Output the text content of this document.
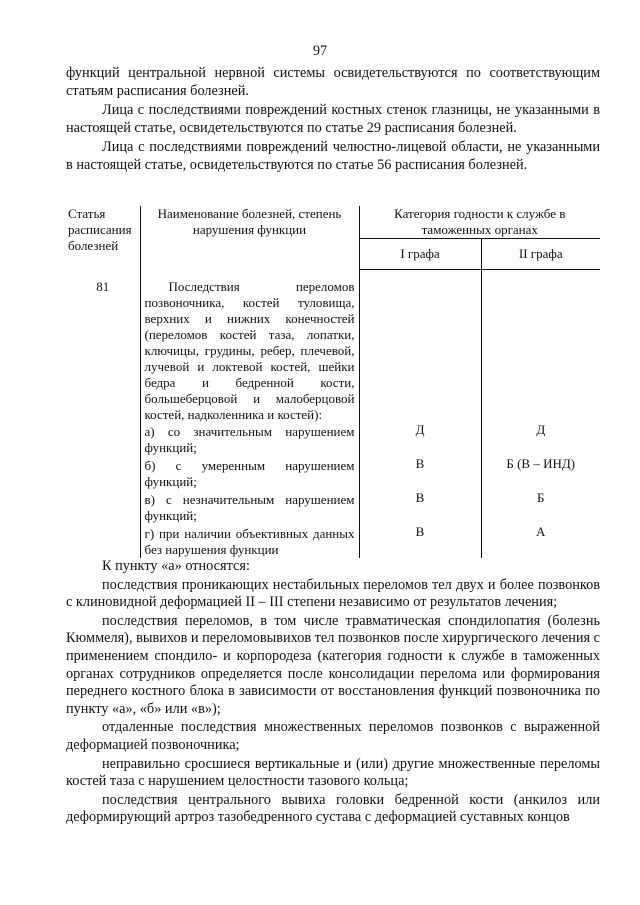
97

функций центральной нервной системы освидетельствуются по соответствующим статьям расписания болезней.

Лица с последствиями повреждений костных стенок глазницы, не указанными в настоящей статье, освидетельствуются по статье 29 расписания болезней.

Лица с последствиями повреждений челюстно-лицевой области, не указанными в настоящей статье, освидетельствуются по статье 56 расписания болезней.

Статья расписания болезней	Наименование болезней, степень нарушения функции	Категория годности к службе в таможенных органах	
		I графа	II графа

81	Последствия переломов позвоночника, костей туловища, верхних и нижних конечностей (переломов костей таза, лопатки, ключицы, грудины, ребер, плечевой, лучевой и локтевой костей, шейки бедра и бедренной кости, большеберцовой и малоберцовой костей, надколенника и костей):		
	а) со значительным нарушением функций;	Д	Д
	б) с умеренным нарушением функций;	В	Б (В – ИНД)
	в) с незначительным нарушением функций;	В	Б
	г) при наличии объективных данных без нарушения функции	В	А

К пункту «а» относятся:

последствия проникающих нестабильных переломов тел двух и более позвонков с клиновидной деформацией II – III степени независимо от результатов лечения;

последствия переломов, в том числе травматическая спондилопатия (болезнь Кюммеля), вывихов и переломовывихов тел позвонков после хирургического лечения с применением спондило- и корпородеза (категория годности к службе в таможенных органах сотрудников определяется после консолидации перелома или формирования переднего костного блока в зависимости от восстановления функций позвоночника по пункту «а», «б» или «в»);

отдаленные последствия множественных переломов позвонков с выраженной деформацией позвоночника;

неправильно сросшиеся вертикальные и (или) другие множественные переломы костей таза с нарушением целостности тазового кольца;

последствия центрального вывиха головки бедренной кости (анкилоз или деформирующий артроз тазобедренного сустава с деформацией суставных концов
